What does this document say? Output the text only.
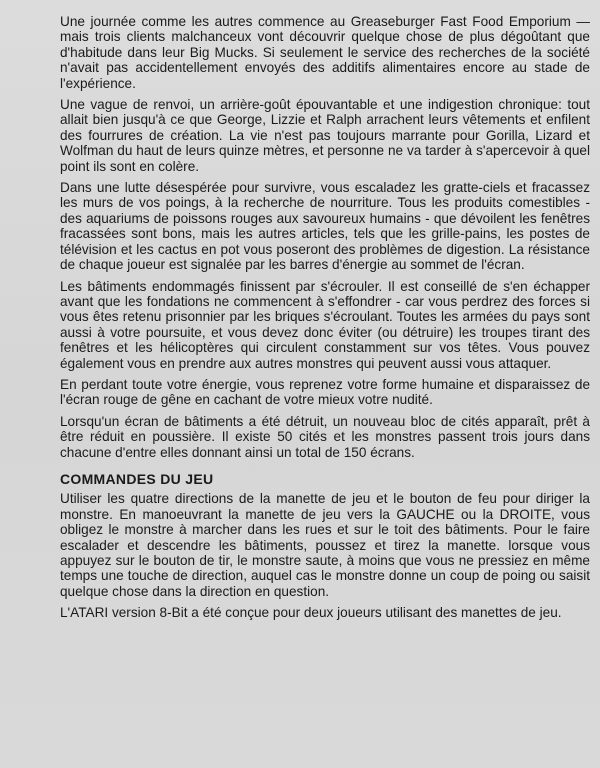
Une journée comme les autres commence au Greaseburger Fast Food Emporium — mais trois clients malchanceux vont découvrir quelque chose de plus dégoûtant que d'habitude dans leur Big Mucks. Si seulement le service des recherches de la société n'avait pas accidentellement envoyés des additifs alimentaires encore au stade de l'expérience.

Une vague de renvoi, un arrière-goût épouvantable et une indigestion chronique: tout allait bien jusqu'à ce que George, Lizzie et Ralph arrachent leurs vêtements et enfilent des fourrures de création. La vie n'est pas toujours marrante pour Gorilla, Lizard et Wolfman du haut de leurs quinze mètres, et personne ne va tarder à s'apercevoir à quel point ils sont en colère.

Dans une lutte désespérée pour survivre, vous escaladez les gratte-ciels et fracassez les murs de vos poings, à la recherche de nourriture. Tous les produits comestibles - des aquariums de poissons rouges aux savoureux humains - que dévoilent les fenêtres fracassées sont bons, mais les autres articles, tels que les grille-pains, les postes de télévision et les cactus en pot vous poseront des problèmes de digestion. La résistance de chaque joueur est signalée par les barres d'énergie au sommet de l'écran.

Les bâtiments endommagés finissent par s'écrouler. Il est conseillé de s'en échapper avant que les fondations ne commencent à s'effondrer - car vous perdrez des forces si vous êtes retenu prisonnier par les briques s'écroulant. Toutes les armées du pays sont aussi à votre poursuite, et vous devez donc éviter (ou détruire) les troupes tirant des fenêtres et les hélicoptères qui circulent constamment sur vos têtes. Vous pouvez également vous en prendre aux autres monstres qui peuvent aussi vous attaquer.

En perdant toute votre énergie, vous reprenez votre forme humaine et disparaissez de l'écran rouge de gêne en cachant de votre mieux votre nudité.

Lorsqu'un écran de bâtiments a été détruit, un nouveau bloc de cités apparaît, prêt à être réduit en poussière. Il existe 50 cités et les monstres passent trois jours dans chacune d'entre elles donnant ainsi un total de 150 écrans.

COMMANDES DU JEU

Utiliser les quatre directions de la manette de jeu et le bouton de feu pour diriger la monstre. En manoeuvrant la manette de jeu vers la GAUCHE ou la DROITE, vous obligez le monstre à marcher dans les rues et sur le toit des bâtiments. Pour le faire escalader et descendre les bâtiments, poussez et tirez la manette. lorsque vous appuyez sur le bouton de tir, le monstre saute, à moins que vous ne pressiez en même temps une touche de direction, auquel cas le monstre donne un coup de poing ou saisit quelque chose dans la direction en question.

L'ATARI version 8-Bit a été conçue pour deux joueurs utilisant des manettes de jeu.
